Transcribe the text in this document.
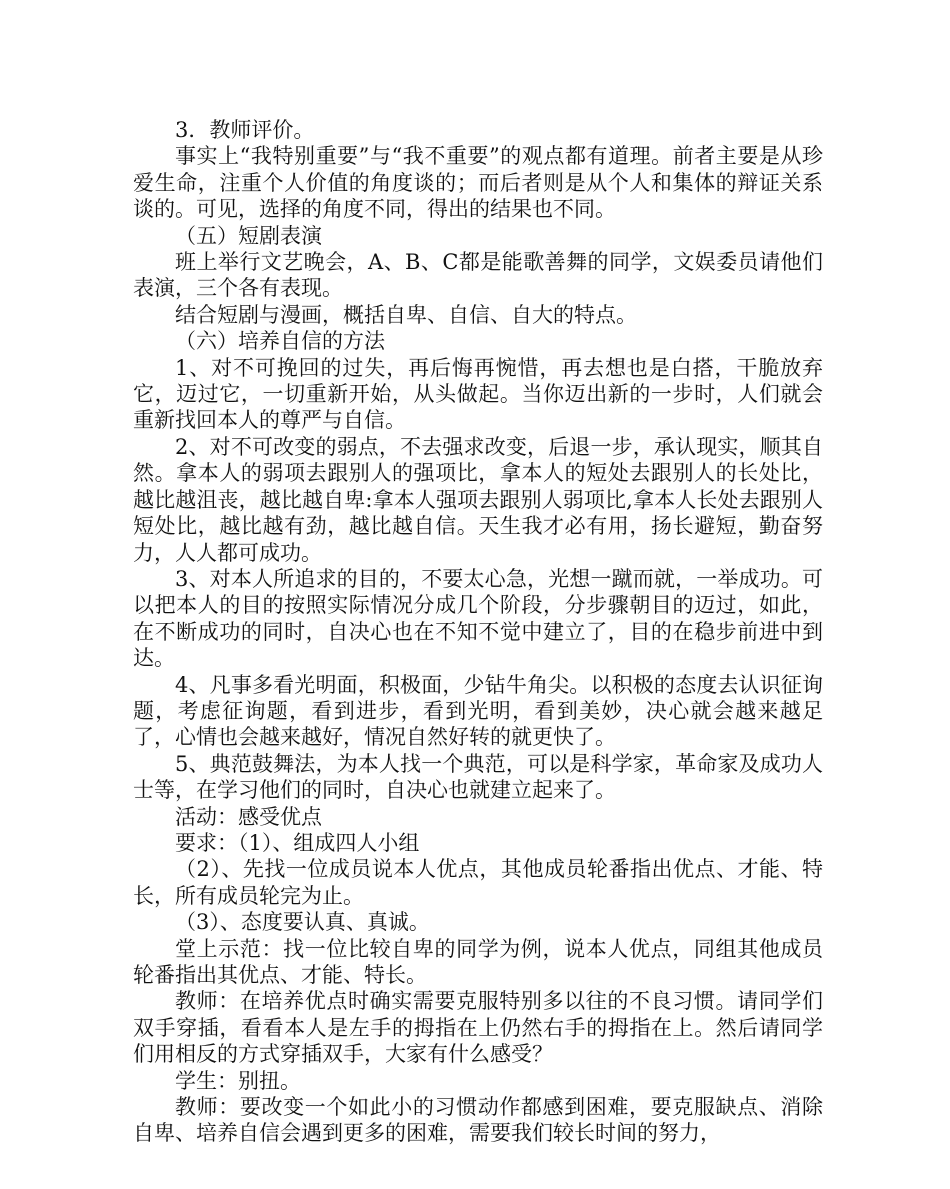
3．教师评价。

事实上“我特别重要”与“我不重要”的观点都有道理。前者主要是从珍爱生命，注重个人价值的角度谈的；而后者则是从个人和集体的辩证关系谈的。可见，选择的角度不同，得出的结果也不同。

（五）短剧表演

班上举行文艺晚会，A、B、C都是能歌善舞的同学，文娱委员请他们表演，三个各有表现。

结合短剧与漫画，概括自卑、自信、自大的特点。

（六）培养自信的方法

1、对不可挽回的过失，再后悔再惋惜，再去想也是白搭，干脆放弃它，迈过它，一切重新开始，从头做起。当你迈出新的一步时，人们就会重新找回本人的尊严与自信。

2、对不可改变的弱点，不去强求改变，后退一步，承认现实，顺其自然。拿本人的弱项去跟别人的强项比，拿本人的短处去跟别人的长处比，越比越沮丧，越比越自卑:拿本人强项去跟别人弱项比,拿本人长处去跟别人短处比，越比越有劲，越比越自信。天生我才必有用，扬长避短，勤奋努力，人人都可成功。

3、对本人所追求的目的，不要太心急，光想一蹴而就，一举成功。可以把本人的目的按照实际情况分成几个阶段，分步骤朝目的迈过，如此，在不断成功的同时，自决心也在不知不觉中建立了，目的在稳步前进中到达。

4、凡事多看光明面，积极面，少钻牛角尖。以积极的态度去认识征询题，考虑征询题，看到进步，看到光明，看到美妙，决心就会越来越足了，心情也会越来越好，情况自然好转的就更快了。

5、典范鼓舞法，为本人找一个典范，可以是科学家，革命家及成功人士等，在学习他们的同时，自决心也就建立起来了。

活动：感受优点

要求：（1）、组成四人小组

（2）、先找一位成员说本人优点，其他成员轮番指出优点、才能、特长，所有成员轮完为止。

（3）、态度要认真、真诚。

堂上示范：找一位比较自卑的同学为例，说本人优点，同组其他成员轮番指出其优点、才能、特长。

教师：在培养优点时确实需要克服特别多以往的不良习惯。请同学们双手穿插，看看本人是左手的拇指在上仍然右手的拇指在上。然后请同学们用相反的方式穿插双手，大家有什么感受？

学生：别扭。

教师：要改变一个如此小的习惯动作都感到困难，要克服缺点、消除自卑、培养自信会遇到更多的困难，需要我们较长时间的努力，
